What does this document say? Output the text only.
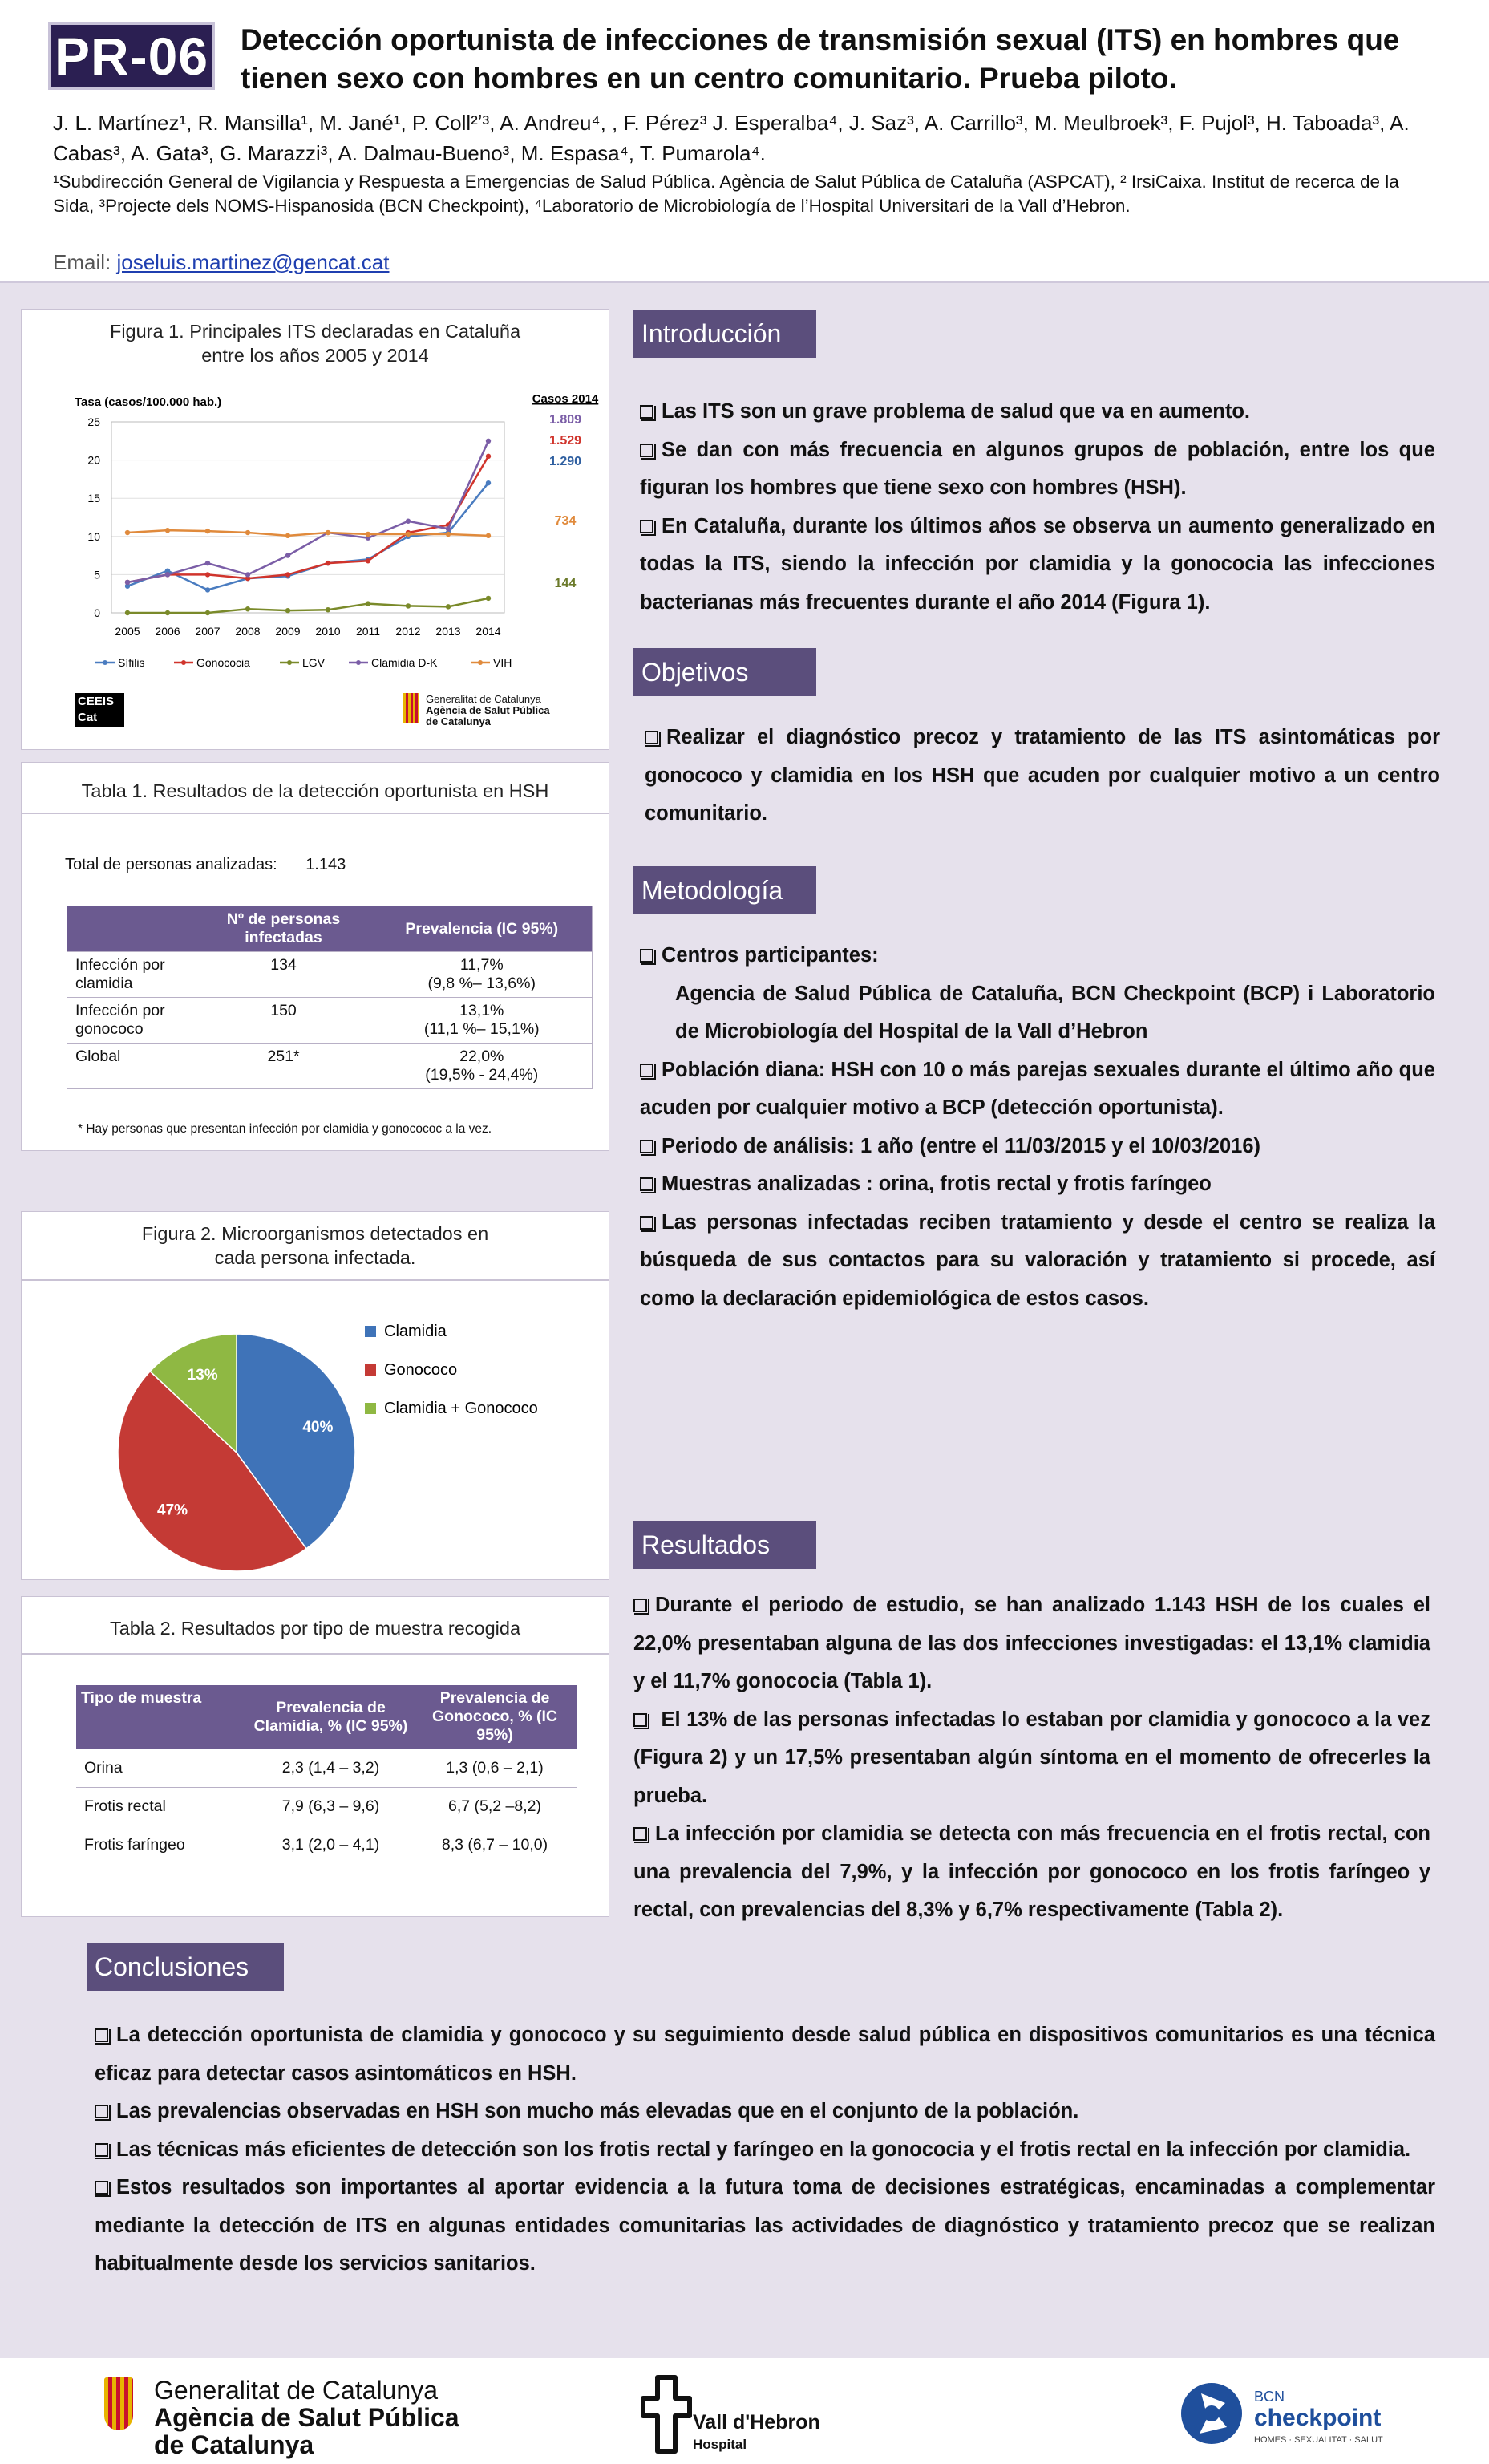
PR-06 Detección oportunista de infecciones de transmisión sexual (ITS) en hombres que tienen sexo con hombres en un centro comunitario. Prueba piloto.
J. L. Martínez¹, R. Mansilla¹, M. Jané¹, P. Coll²ʼ³, A. Andreu⁴, , F. Pérez³ J. Esperalba⁴, J. Saz³, A. Carrillo³, M. Meulbroek³, F. Pujol³, H. Taboada³, A. Cabas³, A. Gata³, G. Marazzi³, A. Dalmau-Bueno³, M. Espasa⁴, T. Pumarola⁴.
¹Subdirección General de Vigilancia y Respuesta a Emergencias de Salud Pública. Agència de Salut Pública de Cataluña (ASPCAT), ² IrsiCaixa. Institut de recerca de la Sida, ³Projecte dels NOMS-Hispanosida (BCN Checkpoint), ⁴Laboratorio de Microbiología de l’Hospital Universitari de la Vall d’Hebron.
Email: joseluis.martinez@gencat.cat
Figura 1. Principales ITS declaradas en Cataluña entre los años 2005 y 2014
Tasa (casos/100.000 hab.)
0
5
10
15
20
25
2005 2006 2007 2008 2009 2010 2011 2012 2013 2014
Casos 2014
1.809
1.529
1.290
734
144
Sífilis	Gonococia	LGV	Clamidia D-K	VIH
CEEIS Cat
Generalitat de Catalunya
Agència de Salut Pública
de Catalunya
Tabla 1. Resultados de la detección oportunista en HSH
Total de personas analizadas: 1.143
	Nº de personas infectadas	Prevalencia (IC 95%)
Infección por clamidia	134	11,7%
(9,8 %– 13,6%)
Infección por gonococo	150	13,1%
(11,1 %– 15,1%)
Global	251*	22,0%
(19,5% - 24,4%)
* Hay personas que presentan infección por clamidia y gonocococ a la vez.
Figura 2. Microorganismos detectados en cada persona infectada.
40%
47%
13%
Clamidia
Gonococo
Clamidia + Gonococo
Tabla 2. Resultados por tipo de muestra recogida
Tipo de muestra	Prevalencia de Clamidia, % (IC 95%)	Prevalencia de Gonococo, % (IC 95%)
Orina	2,3 (1,4 – 3,2)	1,3 (0,6 – 2,1)
Frotis rectal	7,9 (6,3 – 9,6)	6,7 (5,2 –8,2)
Frotis faríngeo	3,1 (2,0 – 4,1)	8,3 (6,7 – 10,0)
Introducción

Las ITS son un grave problema de salud que va en aumento.

Se dan con más frecuencia en algunos grupos de población, entre los que figuran los hombres que tiene sexo con hombres (HSH).

En Cataluña, durante los últimos años se observa un aumento generalizado en todas la ITS, siendo la infección por clamidia y la gonococia las infecciones bacterianas más frecuentes durante el año 2014 (Figura 1).

Objetivos

Realizar el diagnóstico precoz y tratamiento de las ITS asintomáticas por gonococo y clamidia en los HSH que acuden por cualquier motivo a un centro comunitario.

Metodología

Centros participantes:

Agencia de Salud Pública de Cataluña, BCN Checkpoint (BCP) i Laboratorio de Microbiología del Hospital de la Vall d’Hebron

Población diana: HSH con 10 o más parejas sexuales durante el último año que acuden por cualquier motivo a BCP (detección oportunista).

Periodo de análisis: 1 año (entre el 11/03/2015 y el 10/03/2016)

Muestras analizadas : orina, frotis rectal y frotis faríngeo

Las personas infectadas reciben tratamiento y desde el centro se realiza la búsqueda de sus contactos para su valoración y tratamiento si procede, así como la declaración epidemiológica de estos casos.

Resultados

Durante el periodo de estudio, se han analizado 1.143 HSH de los cuales el 22,0% presentaban alguna de las dos infecciones investigadas: el 13,1% clamidia y el 11,7% gonococia (Tabla 1).

El 13% de las personas infectadas lo estaban por clamidia y gonococo a la vez (Figura 2) y un 17,5% presentaban algún síntoma en el momento de ofrecerles la prueba.

La infección por clamidia se detecta con más frecuencia en el frotis rectal, con una prevalencia del 7,9%, y la infección por gonococo en los frotis faríngeo y rectal, con prevalencias del 8,3% y 6,7% respectivamente (Tabla 2).

Conclusiones

La detección oportunista de clamidia y gonococo y su seguimiento desde salud pública en dispositivos comunitarios es una técnica eficaz para detectar casos asintomáticos en HSH.

Las prevalencias observadas en HSH son mucho más elevadas que en el conjunto de la población.

Las técnicas más eficientes de detección son los frotis rectal y faríngeo en la gonococia y el frotis rectal en la infección por clamidia.

Estos resultados son importantes al aportar evidencia a la futura toma de decisiones estratégicas, encaminadas a complementar mediante la detección de ITS en algunas entidades comunitarias las actividades de diagnóstico y tratamiento precoz que se realizan habitualmente desde los servicios sanitarios.

Generalitat de Catalunya
Agència de Salut Pública
de Catalunya
Vall d'Hebron
Hospital
BCN
checkpoint
HOMES · SEXUALITAT · SALUT
